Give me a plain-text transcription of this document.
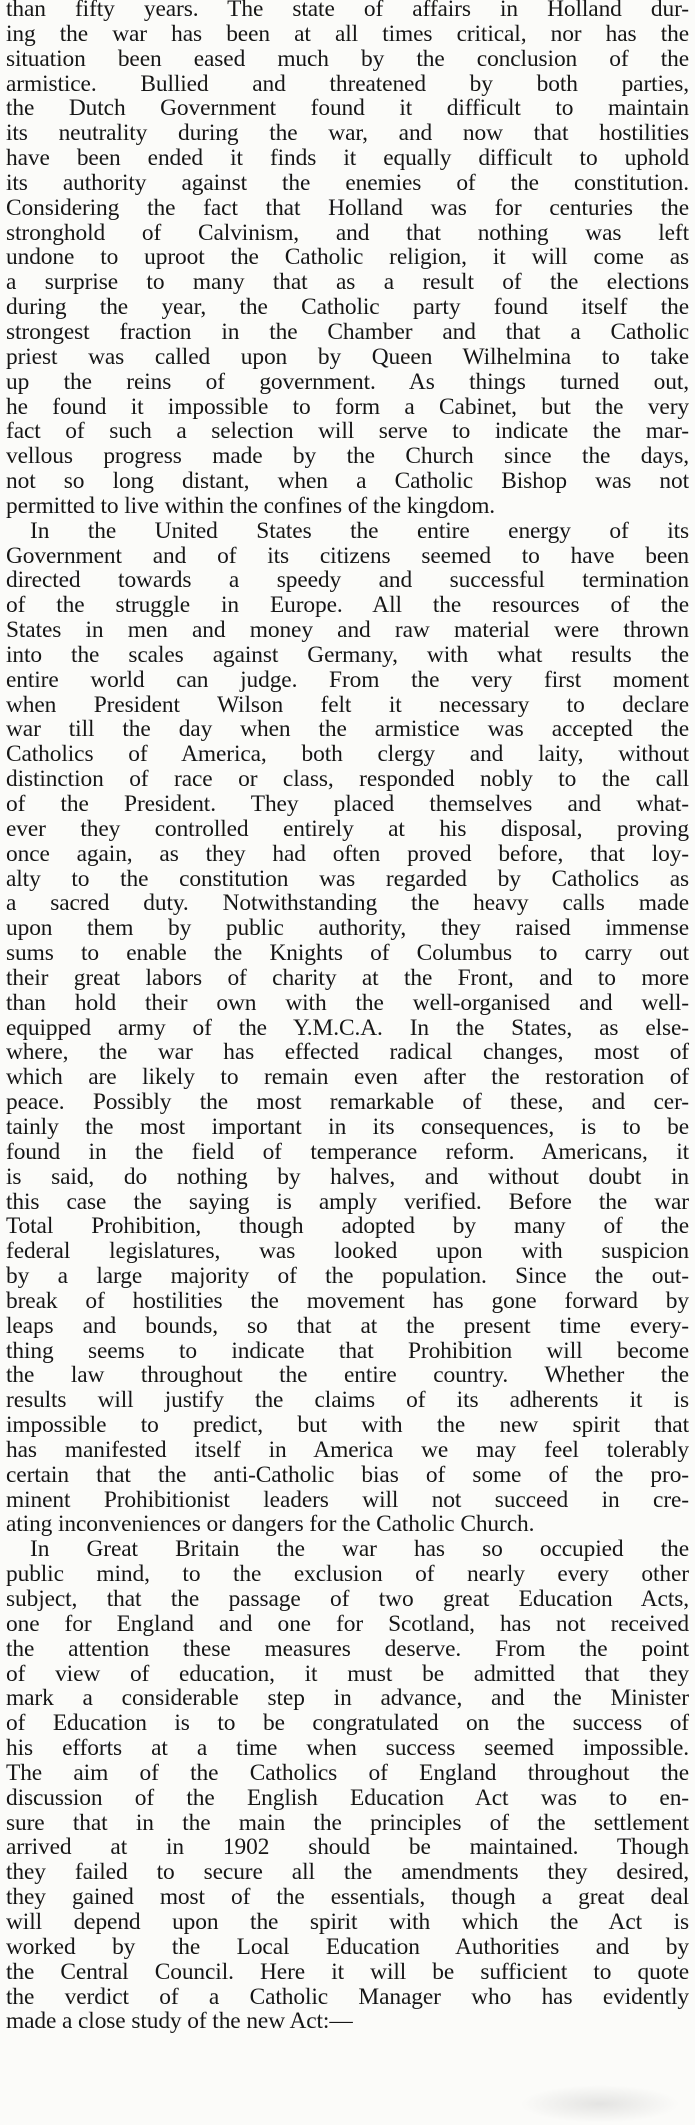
than fifty years. The state of affairs in Holland dur-
ing the war has been at all times critical, nor has the
situation been eased much by the conclusion of the
armistice. Bullied and threatened by both parties,
the Dutch Government found it difficult to maintain
its neutrality during the war, and now that hostilities
have been ended it finds it equally difficult to uphold
its authority against the enemies of the constitution.
Considering the fact that Holland was for centuries the
stronghold of Calvinism, and that nothing was left
undone to uproot the Catholic religion, it will come as
a surprise to many that as a result of the elections
during the year, the Catholic party found itself the
strongest fraction in the Chamber and that a Catholic
priest was called upon by Queen Wilhelmina to take
up the reins of government. As things turned out,
he found it impossible to form a Cabinet, but the very
fact of such a selection will serve to indicate the mar-
vellous progress made by the Church since the days,
not so long distant, when a Catholic Bishop was not
permitted to live within the confines of the kingdom.
In the United States the entire energy of its
Government and of its citizens seemed to have been
directed towards a speedy and successful termination
of the struggle in Europe. All the resources of the
States in men and money and raw material were thrown
into the scales against Germany, with what results the
entire world can judge. From the very first moment
when President Wilson felt it necessary to declare
war till the day when the armistice was accepted the
Catholics of America, both clergy and laity, without
distinction of race or class, responded nobly to the call
of the President. They placed themselves and what-
ever they controlled entirely at his disposal, proving
once again, as they had often proved before, that loy-
alty to the constitution was regarded by Catholics as
a sacred duty. Notwithstanding the heavy calls made
upon them by public authority, they raised immense
sums to enable the Knights of Columbus to carry out
their great labors of charity at the Front, and to more
than hold their own with the well-organised and well-
equipped army of the Y.M.C.A. In the States, as else-
where, the war has effected radical changes, most of
which are likely to remain even after the restoration of
peace. Possibly the most remarkable of these, and cer-
tainly the most important in its consequences, is to be
found in the field of temperance reform. Americans, it
is said, do nothing by halves, and without doubt in
this case the saying is amply verified. Before the war
Total Prohibition, though adopted by many of the
federal legislatures, was looked upon with suspicion
by a large majority of the population. Since the out-
break of hostilities the movement has gone forward by
leaps and bounds, so that at the present time every-
thing seems to indicate that Prohibition will become
the law throughout the entire country. Whether the
results will justify the claims of its adherents it is
impossible to predict, but with the new spirit that
has manifested itself in America we may feel tolerably
certain that the anti-Catholic bias of some of the pro-
minent Prohibitionist leaders will not succeed in cre-
ating inconveniences or dangers for the Catholic Church.
In Great Britain the war has so occupied the
public mind, to the exclusion of nearly every other
subject, that the passage of two great Education Acts,
one for England and one for Scotland, has not received
the attention these measures deserve. From the point
of view of education, it must be admitted that they
mark a considerable step in advance, and the Minister
of Education is to be congratulated on the success of
his efforts at a time when success seemed impossible.
The aim of the Catholics of England throughout the
discussion of the English Education Act was to en-
sure that in the main the principles of the settlement
arrived at in 1902 should be maintained. Though
they failed to secure all the amendments they desired,
they gained most of the essentials, though a great deal
will depend upon the spirit with which the Act is
worked by the Local Education Authorities and by
the Central Council. Here it will be sufficient to quote
the verdict of a Catholic Manager who has evidently
made a close study of the new Act:—
